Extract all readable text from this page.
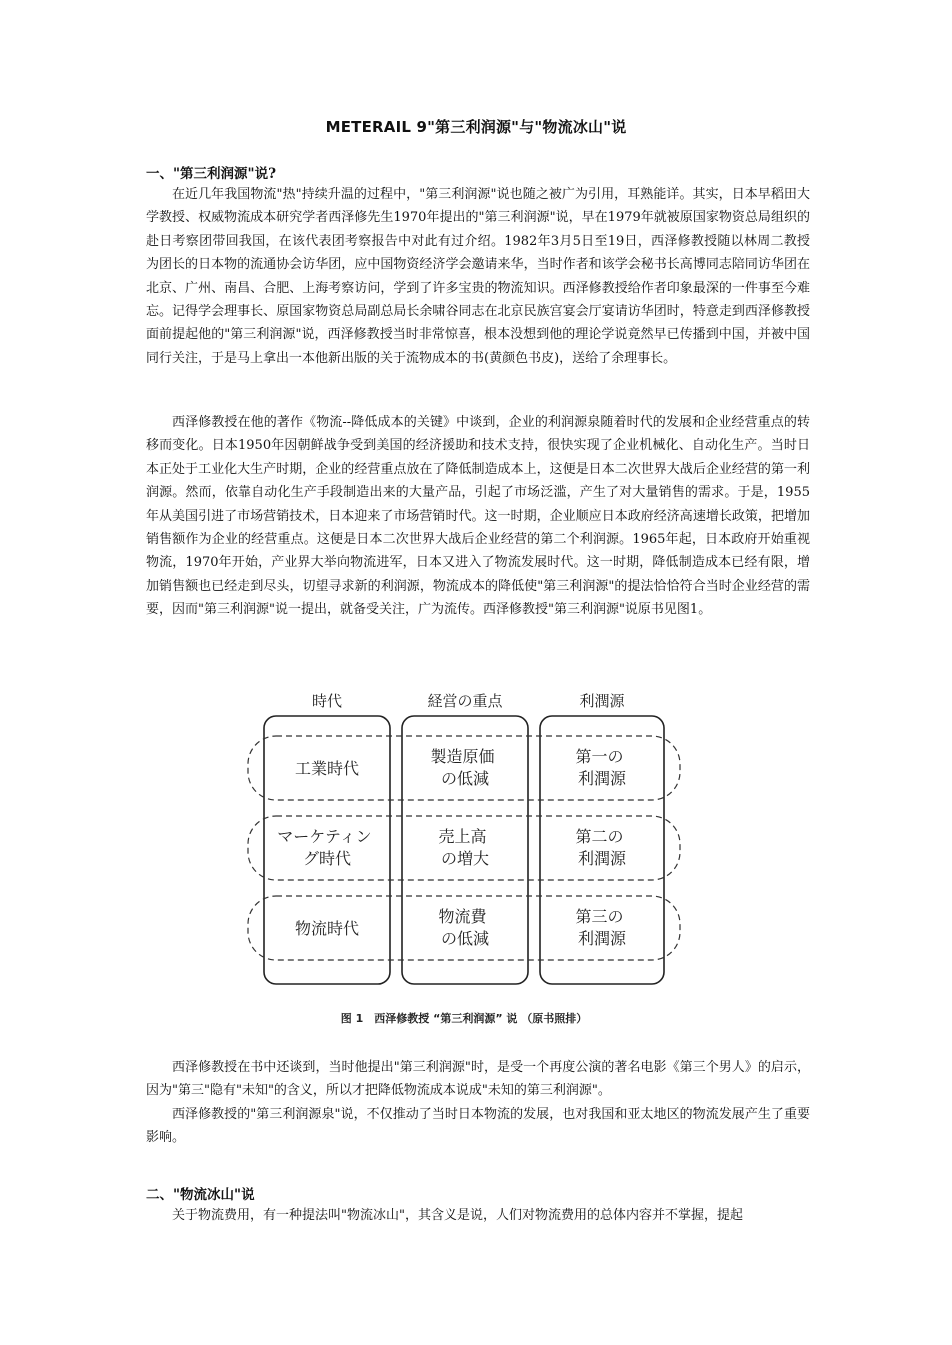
METERAIL 9"第三利润源"与"物流冰山"说
一、"第三利润源"说?

在近几年我国物流"热"持续升温的过程中，"第三利润源"说也随之被广为引用，耳熟能详。其实，日本早稻田大学教授、权威物流成本研究学者西泽修先生1970年提出的"第三利润源"说，早在1979年就被原国家物资总局组织的赴日考察团带回我国，在该代表团考察报告中对此有过介绍。1982年3月5日至19日，西泽修教授随以林周二教授为团长的日本物的流通协会访华团，应中国物资经济学会邀请来华，当时作者和该学会秘书长高博同志陪同访华团在北京、广州、南昌、合肥、上海考察访问，学到了许多宝贵的物流知识。西泽修教授给作者印象最深的一件事至今难忘。记得学会理事长、原国家物资总局副总局长余啸谷同志在北京民族宫宴会厅宴请访华团时，特意走到西泽修教授面前提起他的"第三利润源"说，西泽修教授当时非常惊喜，根本没想到他的理论学说竟然早已传播到中国，并被中国同行关注，于是马上拿出一本他新出版的关于流物成本的书(黄颜色书皮)，送给了余理事长。

西泽修教授在他的著作《物流--降低成本的关键》中谈到，企业的利润源泉随着时代的发展和企业经营重点的转移而变化。日本1950年因朝鲜战争受到美国的经济援助和技术支持，很快实现了企业机械化、自动化生产。当时日本正处于工业化大生产时期，企业的经营重点放在了降低制造成本上，这便是日本二次世界大战后企业经营的第一利润源。然而，依靠自动化生产手段制造出来的大量产品，引起了市场泛滥，产生了对大量销售的需求。于是，1955年从美国引进了市场营销技术，日本迎来了市场营销时代。这一时期，企业顺应日本政府经济高速增长政策，把增加销售额作为企业的经营重点。这便是日本二次世界大战后企业经营的第二个利润源。1965年起，日本政府开始重视物流，1970年开始，产业界大举向物流进军，日本又进入了物流发展时代。这一时期，降低制造成本已经有限，增加销售额也已经走到尽头，切望寻求新的利润源，物流成本的降低使"第三利润源"的提法恰恰符合当时企业经营的需要，因而"第三利润源"说一提出，就备受关注，广为流传。西泽修教授"第三利润源"说原书见图1。

時代	経営の重点	利潤源
工業時代
製造原価 の低減
第一の 利潤源
マーケティン グ時代
売上高 の増大
第二の 利潤源
物流時代
物流費 の低減
第三の 利潤源
图 1　西泽修教授 “第三利润源” 说 （原书照排）

西泽修教授在书中还谈到，当时他提出"第三利润源"时，是受一个再度公演的著名电影《第三个男人》的启示，因为"第三"隐有"未知"的含义，所以才把降低物流成本说成"未知的第三利润源"。

西泽修教授的"第三利润源泉"说，不仅推动了当时日本物流的发展，也对我国和亚太地区的物流发展产生了重要影响。

二、"物流冰山"说

关于物流费用，有一种提法叫"物流冰山"，其含义是说，人们对物流费用的总体内容并不掌握，提起
